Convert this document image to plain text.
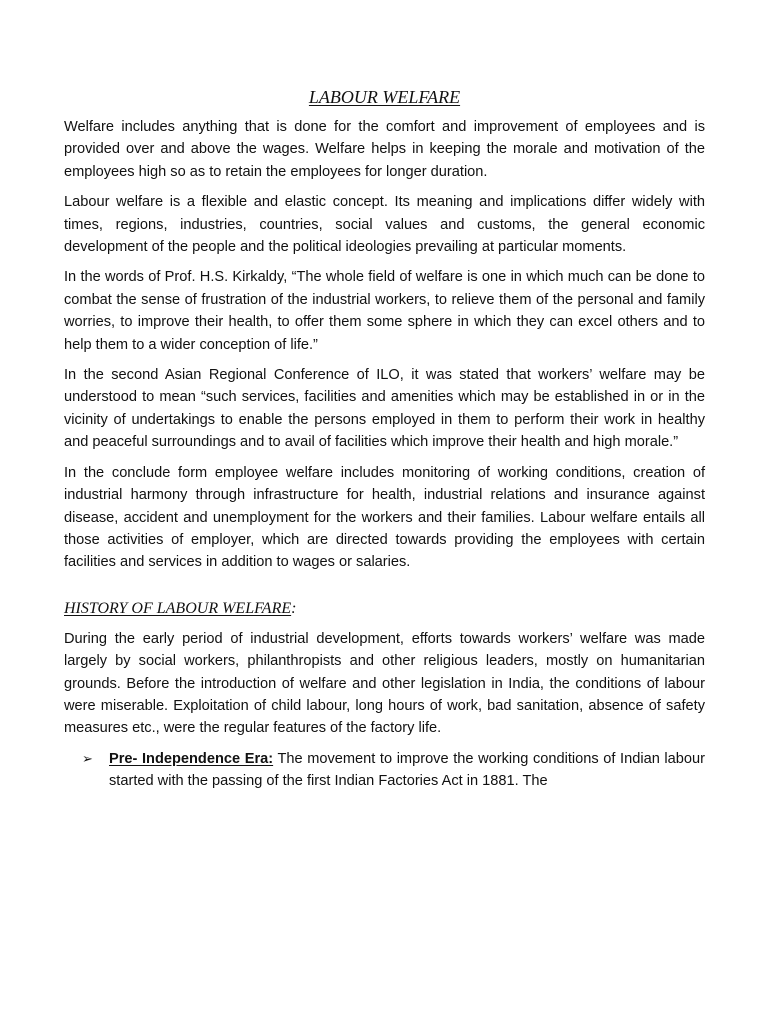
LABOUR WELFARE

Welfare includes anything that is done for the comfort and improvement of employees and is provided over and above the wages. Welfare helps in keeping the morale and motivation of the employees high so as to retain the employees for longer duration.

Labour welfare is a flexible and elastic concept. Its meaning and implications differ widely with times, regions, industries, countries, social values and customs, the general economic development of the people and the political ideologies prevailing at particular moments.

In the words of Prof. H.S. Kirkaldy, “The whole field of welfare is one in which much can be done to combat the sense of frustration of the industrial workers, to relieve them of the personal and family worries, to improve their health, to offer them some sphere in which they can excel others and to help them to a wider conception of life.”

In the second Asian Regional Conference of ILO, it was stated that workers’ welfare may be understood to mean “such services, facilities and amenities which may be established in or in the vicinity of undertakings to enable the persons employed in them to perform their work in healthy and peaceful surroundings and to avail of facilities which improve their health and high morale.”

In the conclude form employee welfare includes monitoring of working conditions, creation of industrial harmony through infrastructure for health, industrial relations and insurance against disease, accident and unemployment for the workers and their families. Labour welfare entails all those activities of employer, which are directed towards providing the employees with certain facilities and services in addition to wages or salaries.

HISTORY OF LABOUR WELFARE:

During the early period of industrial development, efforts towards workers’ welfare was made largely by social workers, philanthropists and other religious leaders, mostly on humanitarian grounds. Before the introduction of welfare and other legislation in India, the conditions of labour were miserable. Exploitation of child labour, long hours of work, bad sanitation, absence of safety measures etc., were the regular features of the factory life.

➢ Pre- Independence Era: The movement to improve the working conditions of Indian labour started with the passing of the first Indian Factories Act in 1881. The
